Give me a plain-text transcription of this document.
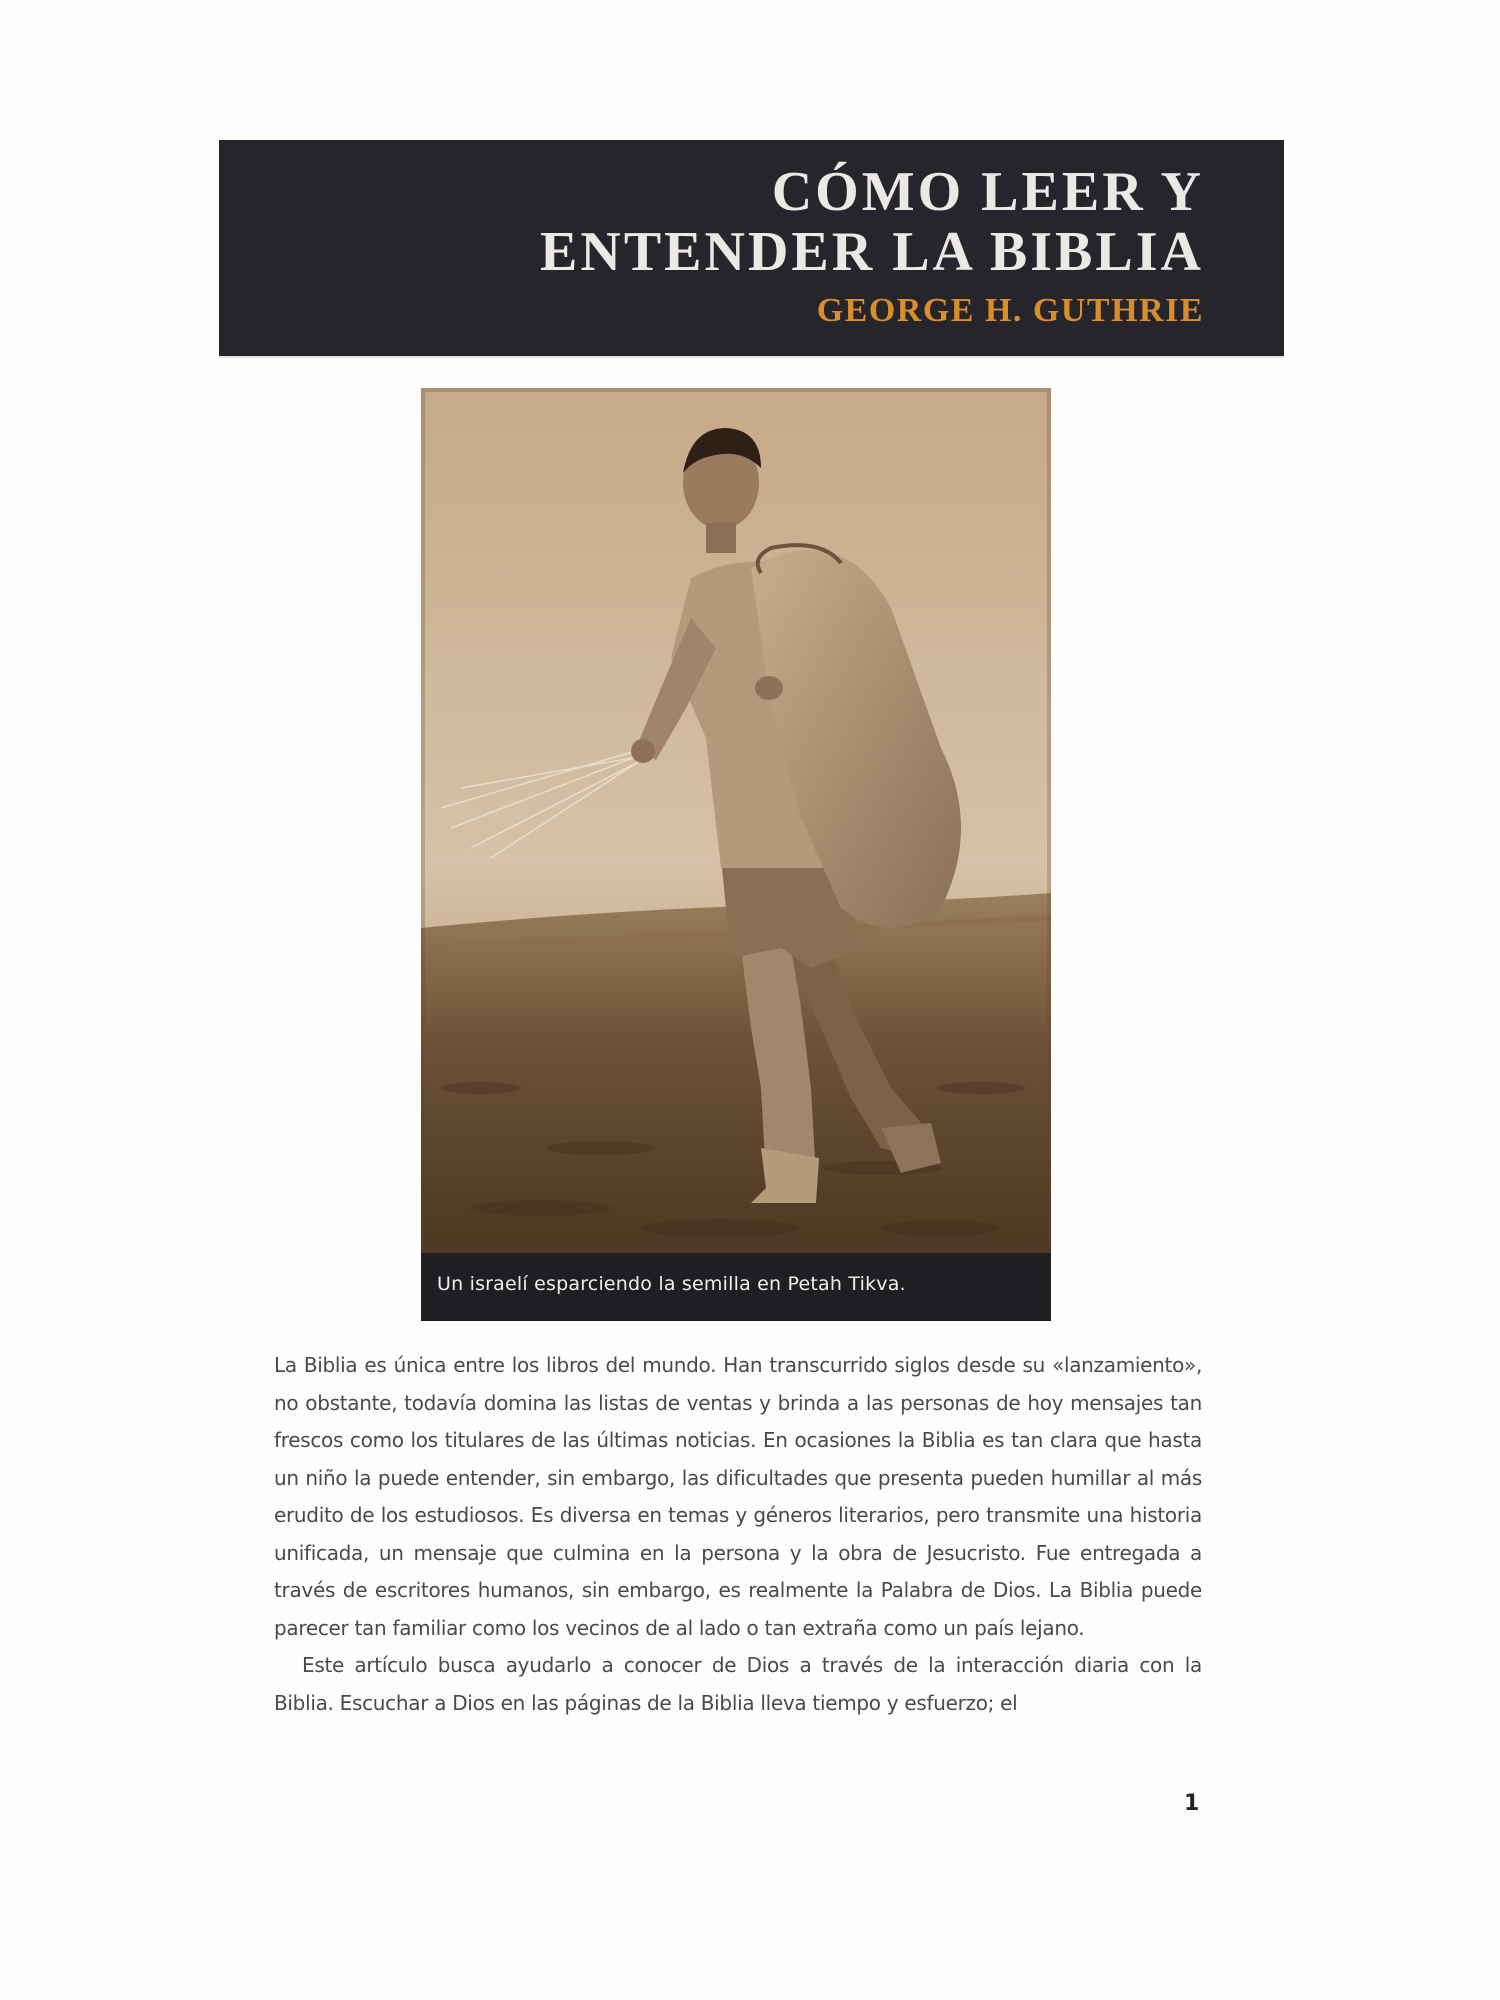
CÓMO LEER Y
ENTENDER LA BIBLIA
GEORGE H. GUTHRIE
Un israelí esparciendo la semilla en Petah Tikva.

La Biblia es única entre los libros del mundo. Han transcurrido siglos desde su «lanzamiento», no obstante, todavía domina las listas de ventas y brinda a las personas de hoy mensajes tan frescos como los titulares de las últimas noticias. En ocasiones la Biblia es tan clara que hasta un niño la puede entender, sin embargo, las dificultades que presenta pueden humillar al más erudito de los estudiosos. Es diversa en temas y géneros literarios, pero transmite una historia unificada, un mensaje que culmina en la persona y la obra de Jesucristo. Fue entregada a través de escritores humanos, sin embargo, es realmente la Palabra de Dios. La Biblia puede parecer tan familiar como los vecinos de al lado o tan extraña como un país lejano.

Este artículo busca ayudarlo a conocer de Dios a través de la interacción diaria con la Biblia. Escuchar a Dios en las páginas de la Biblia lleva tiempo y esfuerzo; el

1
